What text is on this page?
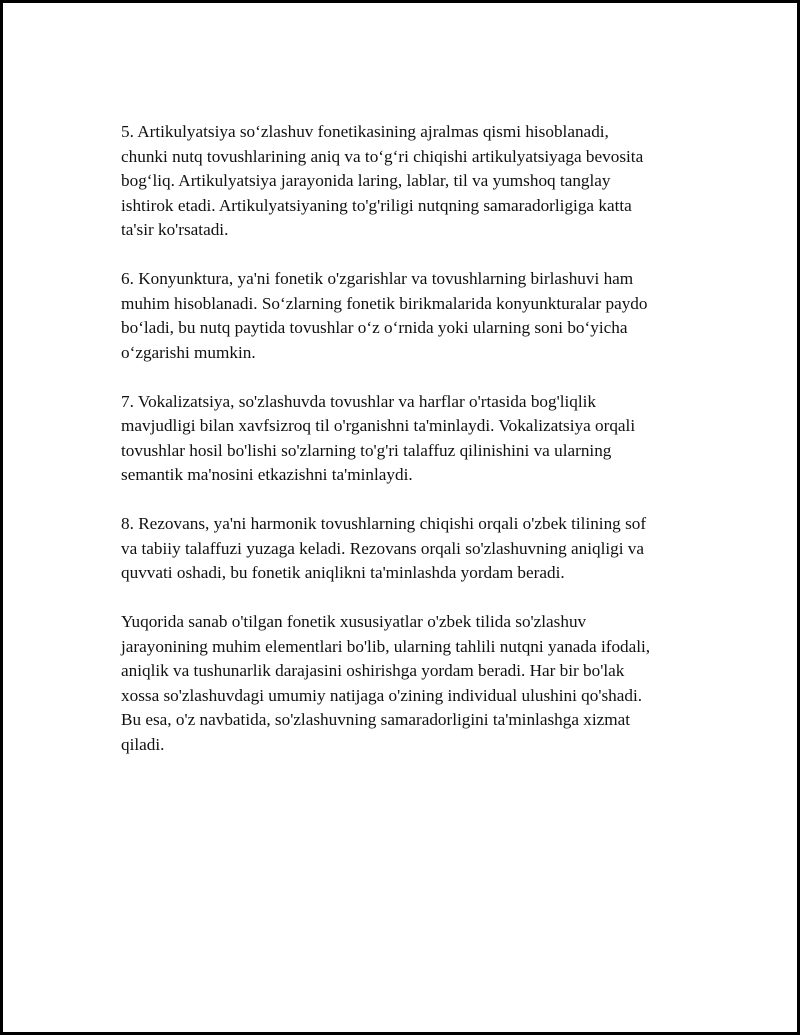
5. Artikulyatsiya so‘zlashuv fonetikasining ajralmas qismi hisoblanadi,
chunki nutq tovushlarining aniq va to‘g‘ri chiqishi artikulyatsiyaga bevosita
bog‘liq. Artikulyatsiya jarayonida laring, lablar, til va yumshoq tanglay
ishtirok etadi. Artikulyatsiyaning to'g'riligi nutqning samaradorligiga katta
ta'sir ko'rsatadi.

6. Konyunktura, ya'ni fonetik o'zgarishlar va tovushlarning birlashuvi ham
muhim hisoblanadi. So‘zlarning fonetik birikmalarida konyunkturalar paydo
bo‘ladi, bu nutq paytida tovushlar o‘z o‘rnida yoki ularning soni bo‘yicha
o‘zgarishi mumkin.

7. Vokalizatsiya, so'zlashuvda tovushlar va harflar o'rtasida bog'liqlik
mavjudligi bilan xavfsizroq til o'rganishni ta'minlaydi. Vokalizatsiya orqali
tovushlar hosil bo'lishi so'zlarning to'g'ri talaffuz qilinishini va ularning
semantik ma'nosini etkazishni ta'minlaydi.

8. Rezovans, ya'ni harmonik tovushlarning chiqishi orqali o'zbek tilining sof
va tabiiy talaffuzi yuzaga keladi. Rezovans orqali so'zlashuvning aniqligi va
quvvati oshadi, bu fonetik aniqlikni ta'minlashda yordam beradi.

Yuqorida sanab o'tilgan fonetik xususiyatlar o'zbek tilida so'zlashuv
jarayonining muhim elementlari bo'lib, ularning tahlili nutqni yanada ifodali,
aniqlik va tushunarlik darajasini oshirishga yordam beradi. Har bir bo'lak
xossa so'zlashuvdagi umumiy natijaga o'zining individual ulushini qo'shadi.
Bu esa, o'z navbatida, so'zlashuvning samaradorligini ta'minlashga xizmat
qiladi.
